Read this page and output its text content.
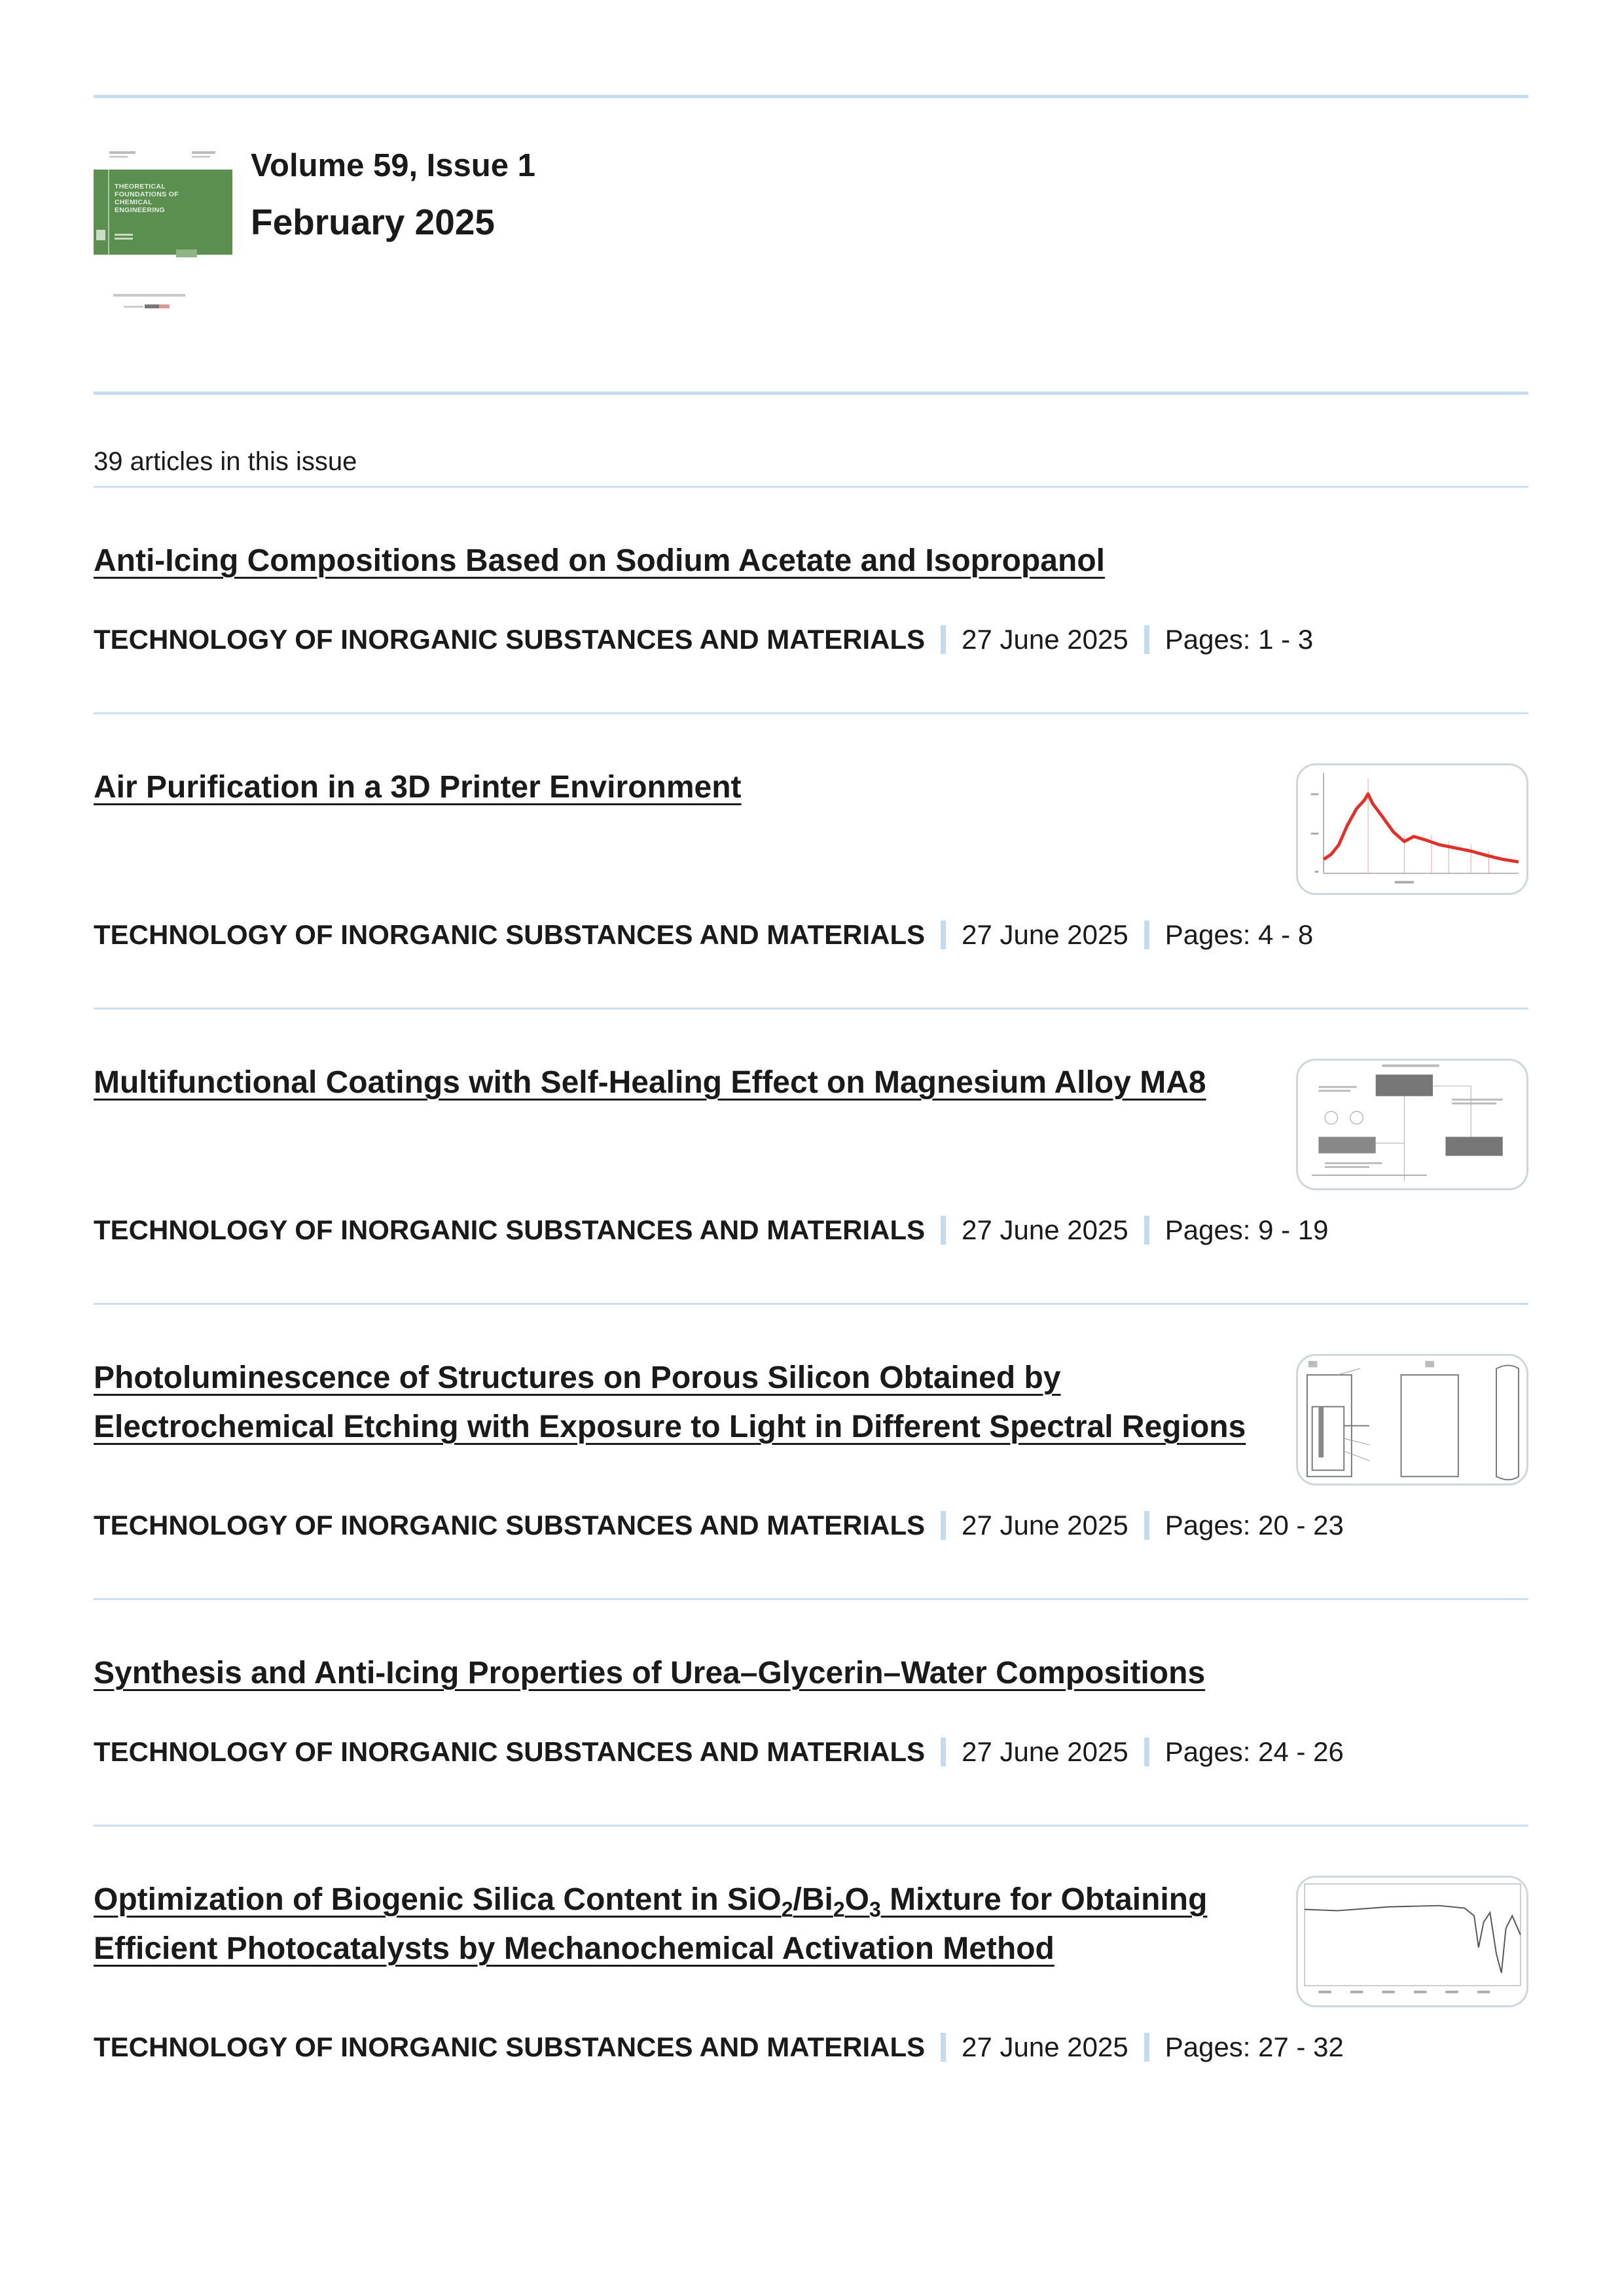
THEORETICAL FOUNDATIONS OF CHEMICAL ENGINEERING
Volume 59, Issue 1
February 2025
39 articles in this issue
Anti-Icing Compositions Based on Sodium Acetate and Isopropanol
TECHNOLOGY OF INORGANIC SUBSTANCES AND MATERIALS 27 June 2025 Pages: 1 - 3
Air Purification in a 3D Printer Environment
TECHNOLOGY OF INORGANIC SUBSTANCES AND MATERIALS 27 June 2025 Pages: 4 - 8
Multifunctional Coatings with Self-Healing Effect on Magnesium Alloy MA8
TECHNOLOGY OF INORGANIC SUBSTANCES AND MATERIALS 27 June 2025 Pages: 9 - 19
Photoluminescence of Structures on Porous Silicon Obtained by Electrochemical Etching with Exposure to Light in Different Spectral Regions
TECHNOLOGY OF INORGANIC SUBSTANCES AND MATERIALS 27 June 2025 Pages: 20 - 23
Synthesis and Anti-Icing Properties of Urea–Glycerin–Water Compositions
TECHNOLOGY OF INORGANIC SUBSTANCES AND MATERIALS 27 June 2025 Pages: 24 - 26
Optimization of Biogenic Silica Content in $SiO_2/Bi_2O_3$ Mixture for Obtaining Efficient Photocatalysts by Mechanochemical Activation Method
TECHNOLOGY OF INORGANIC SUBSTANCES AND MATERIALS 27 June 2025 Pages: 27 - 32
